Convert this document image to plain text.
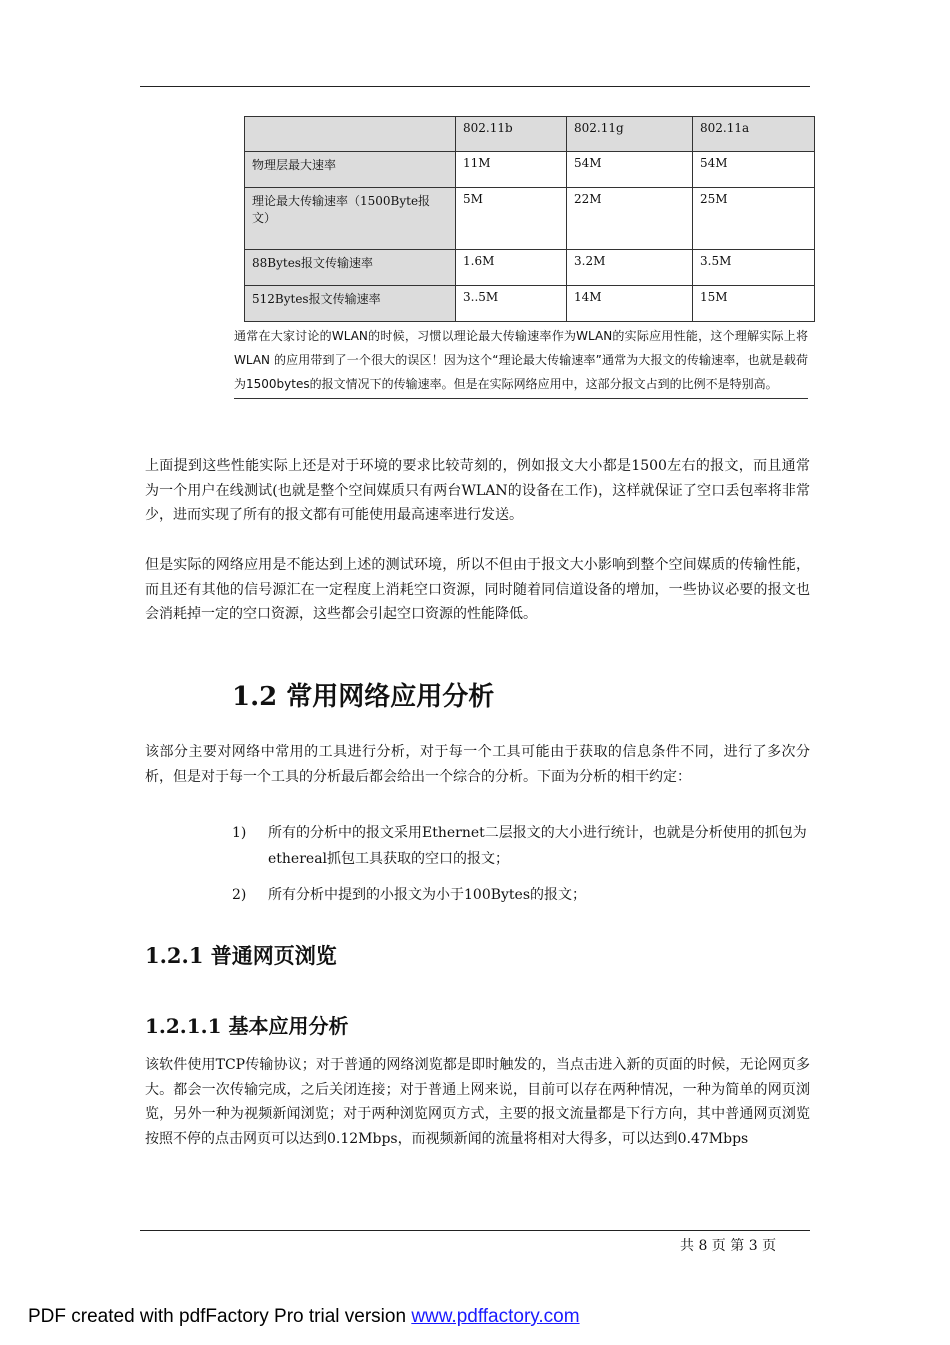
	802.11b	802.11g	802.11a
物理层最大速率	11M	54M	54M
理论最大传输速率（1500Byte报文）	5M	22M	25M
88Bytes报文传输速率	1.6M	3.2M	3.5M
512Bytes报文传输速率	3..5M	14M	15M
通常在大家讨论的WLAN的时候，习惯以理论最大传输速率作为WLAN的实际应用性能，这个理解实际上将 WLAN 的应用带到了一个很大的误区！因为这个“理论最大传输速率”通常为大报文的传输速率，也就是载荷为1500bytes的报文情况下的传输速率。但是在实际网络应用中，这部分报文占到的比例不是特别高。

上面提到这些性能实际上还是对于环境的要求比较苛刻的，例如报文大小都是1500左右的报文，而且通常为一个用户在线测试(也就是整个空间媒质只有两台WLAN的设备在工作)，这样就保证了空口丢包率将非常少，进而实现了所有的报文都有可能使用最高速率进行发送。

但是实际的网络应用是不能达到上述的测试环境，所以不但由于报文大小影响到整个空间媒质的传输性能，而且还有其他的信号源汇在一定程度上消耗空口资源，同时随着同信道设备的增加，一些协议必要的报文也会消耗掉一定的空口资源，这些都会引起空口资源的性能降低。

1.2 常用网络应用分析

该部分主要对网络中常用的工具进行分析，对于每一个工具可能由于获取的信息条件不同，进行了多次分析，但是对于每一个工具的分析最后都会给出一个综合的分析。下面为分析的相干约定：

1) 所有的分析中的报文采用Ethernet二层报文的大小进行统计，也就是分析使用的抓包为ethereal抓包工具获取的空口的报文；
2) 所有分析中提到的小报文为小于100Bytes的报文；
1.2.1 普通网页浏览
1.2.1.1 基本应用分析

该软件使用TCP传输协议；对于普通的网络浏览都是即时触发的，当点击进入新的页面的时候，无论网页多大。都会一次传输完成，之后关闭连接；对于普通上网来说，目前可以存在两种情况，一种为简单的网页浏览，另外一种为视频新闻浏览；对于两种浏览网页方式，主要的报文流量都是下行方向，其中普通网页浏览按照不停的点击网页可以达到0.12Mbps，而视频新闻的流量将相对大得多，可以达到0.47Mbps

共 8 页 第 3 页
PDF created with pdfFactory Pro trial version www.pdffactory.com
